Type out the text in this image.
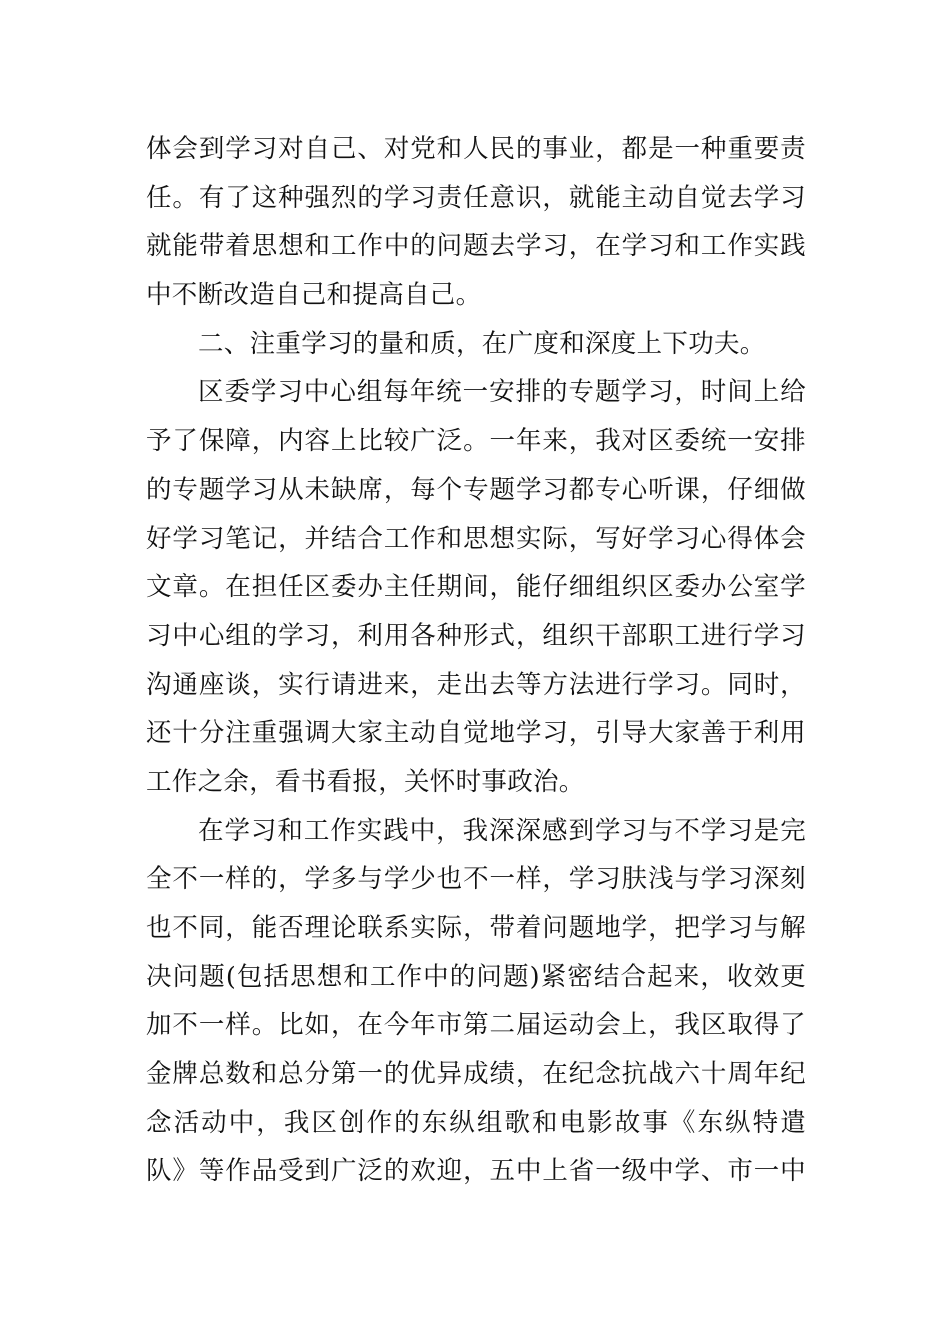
体会到学习对自己、对党和人民的事业，都是一种重要责
任。有了这种强烈的学习责任意识，就能主动自觉去学习
就能带着思想和工作中的问题去学习，在学习和工作实践
中不断改造自己和提高自己。
二、注重学习的量和质，在广度和深度上下功夫。
区委学习中心组每年统一安排的专题学习，时间上给
予了保障，内容上比较广泛。一年来，我对区委统一安排
的专题学习从未缺席，每个专题学习都专心听课，仔细做
好学习笔记，并结合工作和思想实际，写好学习心得体会
文章。在担任区委办主任期间，能仔细组织区委办公室学
习中心组的学习，利用各种形式，组织干部职工进行学习
沟通座谈，实行请进来，走出去等方法进行学习。同时，
还十分注重强调大家主动自觉地学习，引导大家善于利用
工作之余，看书看报，关怀时事政治。
在学习和工作实践中，我深深感到学习与不学习是完
全不一样的，学多与学少也不一样，学习肤浅与学习深刻
也不同，能否理论联系实际，带着问题地学，把学习与解
决问题(包括思想和工作中的问题)紧密结合起来，收效更
加不一样。比如，在今年市第二届运动会上，我区取得了
金牌总数和总分第一的优异成绩，在纪念抗战六十周年纪
念活动中，我区创作的东纵组歌和电影故事《东纵特遣
队》等作品受到广泛的欢迎，五中上省一级中学、市一中
